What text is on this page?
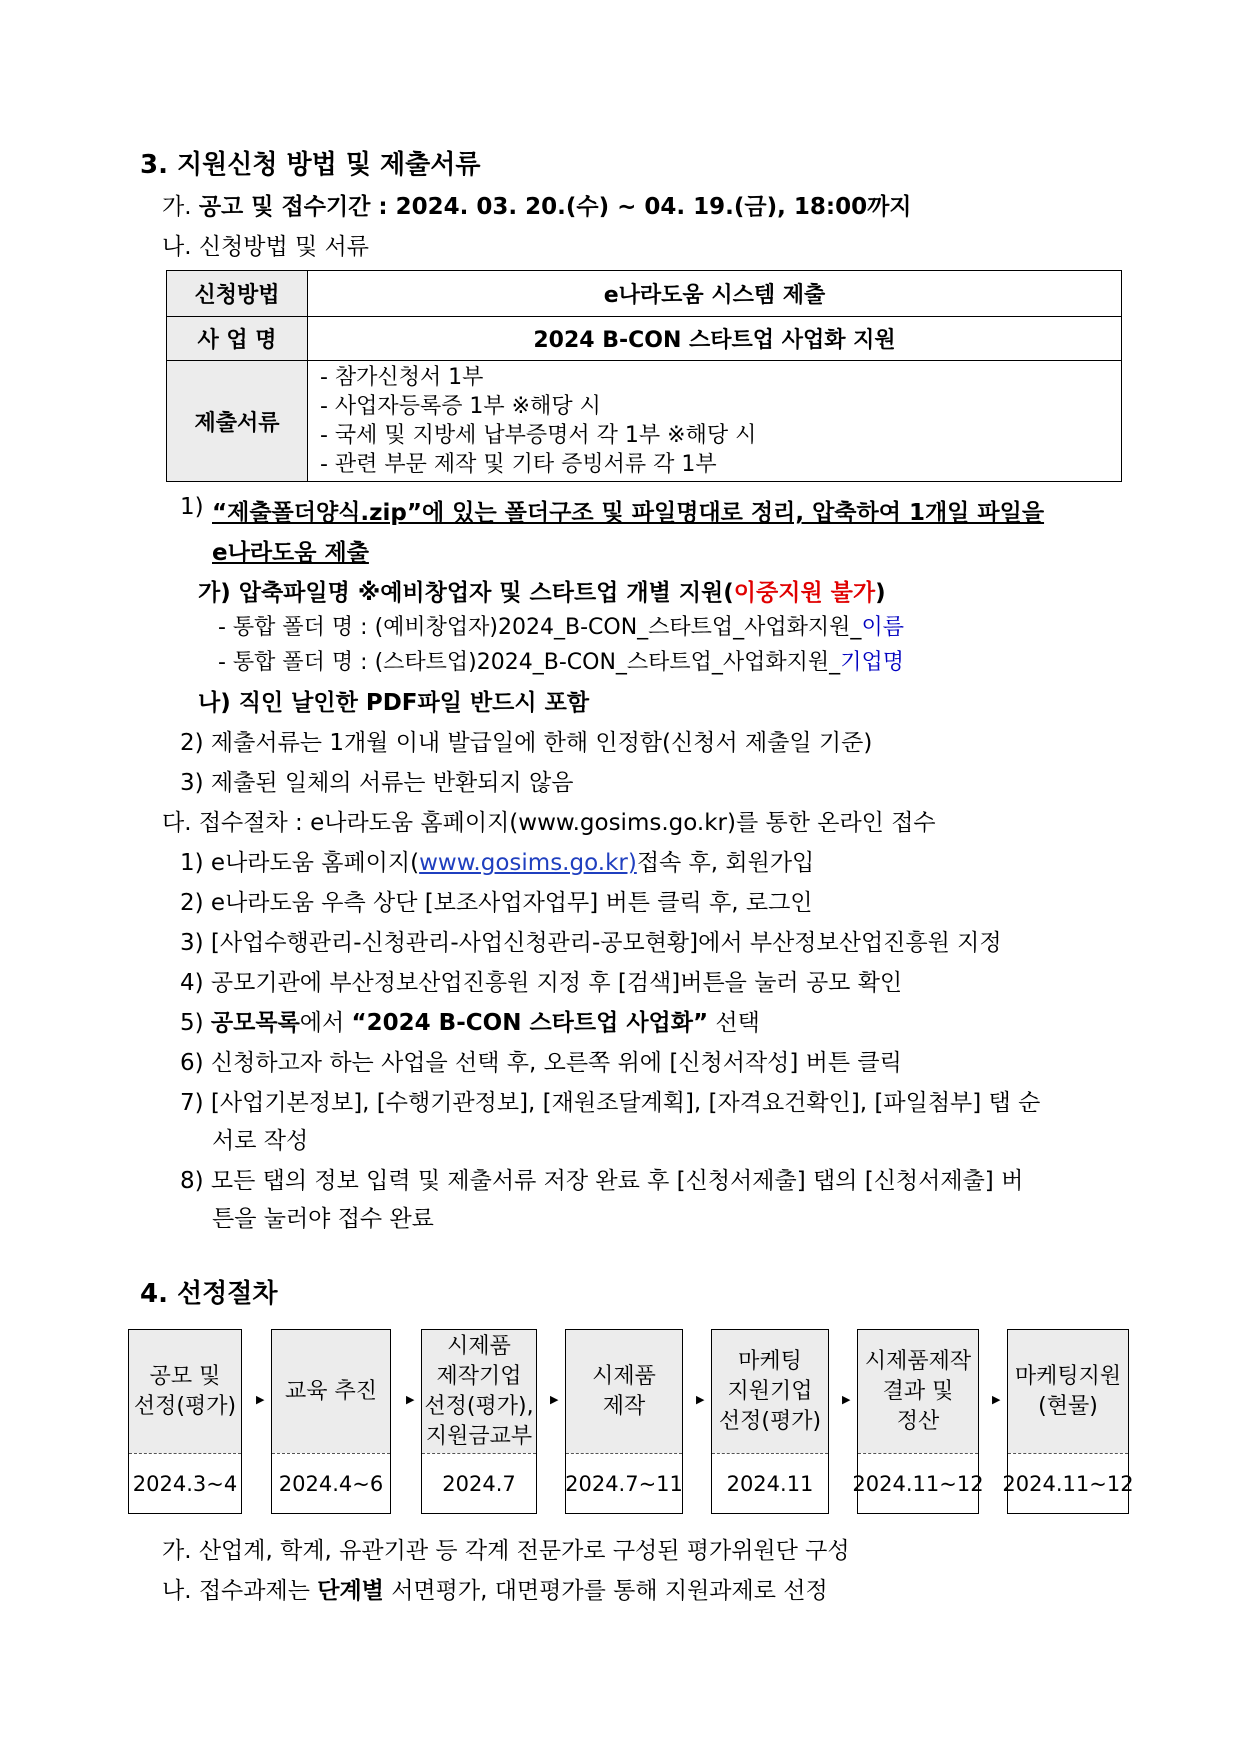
3. 지원신청 방법 및 제출서류
가. 공고 및 접수기간 : 2024. 03. 20.(수) ~ 04. 19.(금), 18:00까지
나. 신청방법 및 서류
신청방법	e나라도움 시스템 제출
사 업 명	2024 B-CON 스타트업 사업화 지원
제출서류	- 참가신청서 1부
- 사업자등록증 1부 ※해당 시
- 국세 및 지방세 납부증명서 각 1부 ※해당 시
- 관련 부문 제작 및 기타 증빙서류 각 1부
1) “제출폴더양식.zip”에 있는 폴더구조 및 파일명대로 정리, 압축하여 1개일 파일을
e나라도움 제출
가) 압축파일명 ※예비창업자 및 스타트업 개별 지원(이중지원 불가)
- 통합 폴더 명 : (예비창업자)2024_B-CON_스타트업_사업화지원_이름
- 통합 폴더 명 : (스타트업)2024_B-CON_스타트업_사업화지원_기업명
나) 직인 날인한 PDF파일 반드시 포함
2) 제출서류는 1개월 이내 발급일에 한해 인정함(신청서 제출일 기준)
3) 제출된 일체의 서류는 반환되지 않음
다. 접수절차 : e나라도움 홈페이지(www.gosims.go.kr)를 통한 온라인 접수
1) e나라도움 홈페이지(www.gosims.go.kr)접속 후, 회원가입
2) e나라도움 우측 상단 [보조사업자업무] 버튼 클릭 후, 로그인
3) [사업수행관리-신청관리-사업신청관리-공모현황]에서 부산정보산업진흥원 지정
4) 공모기관에 부산정보산업진흥원 지정 후 [검색]버튼을 눌러 공모 확인
5) 공모목록에서 “2024 B-CON 스타트업 사업화” 선택
6) 신청하고자 하는 사업을 선택 후, 오른쪽 위에 [신청서작성] 버튼 클릭
7) [사업기본정보], [수행기관정보], [재원조달계획], [자격요건확인], [파일첨부] 탭 순
서로 작성
8) 모든 탭의 정보 입력 및 제출서류 저장 완료 후 [신청서제출] 탭의 [신청서제출] 버
튼을 눌러야 접수 완료
4. 선정절차
공모 및
선정(평가)
2024.3~4
▶ 교육 추진
2024.4~6
▶
시제품
제작기업
선정(평가),
지원금교부
2024.7
▶
시제품
제작
2024.7~11
▶
마케팅
지원기업
선정(평가)
2024.11
▶
시제품제작
결과 및
정산
2024.11~12
▶
마케팅지원
(현물)
2024.11~12
가. 산업계, 학계, 유관기관 등 각계 전문가로 구성된 평가위원단 구성
나. 접수과제는 단계별 서면평가, 대면평가를 통해 지원과제로 선정
